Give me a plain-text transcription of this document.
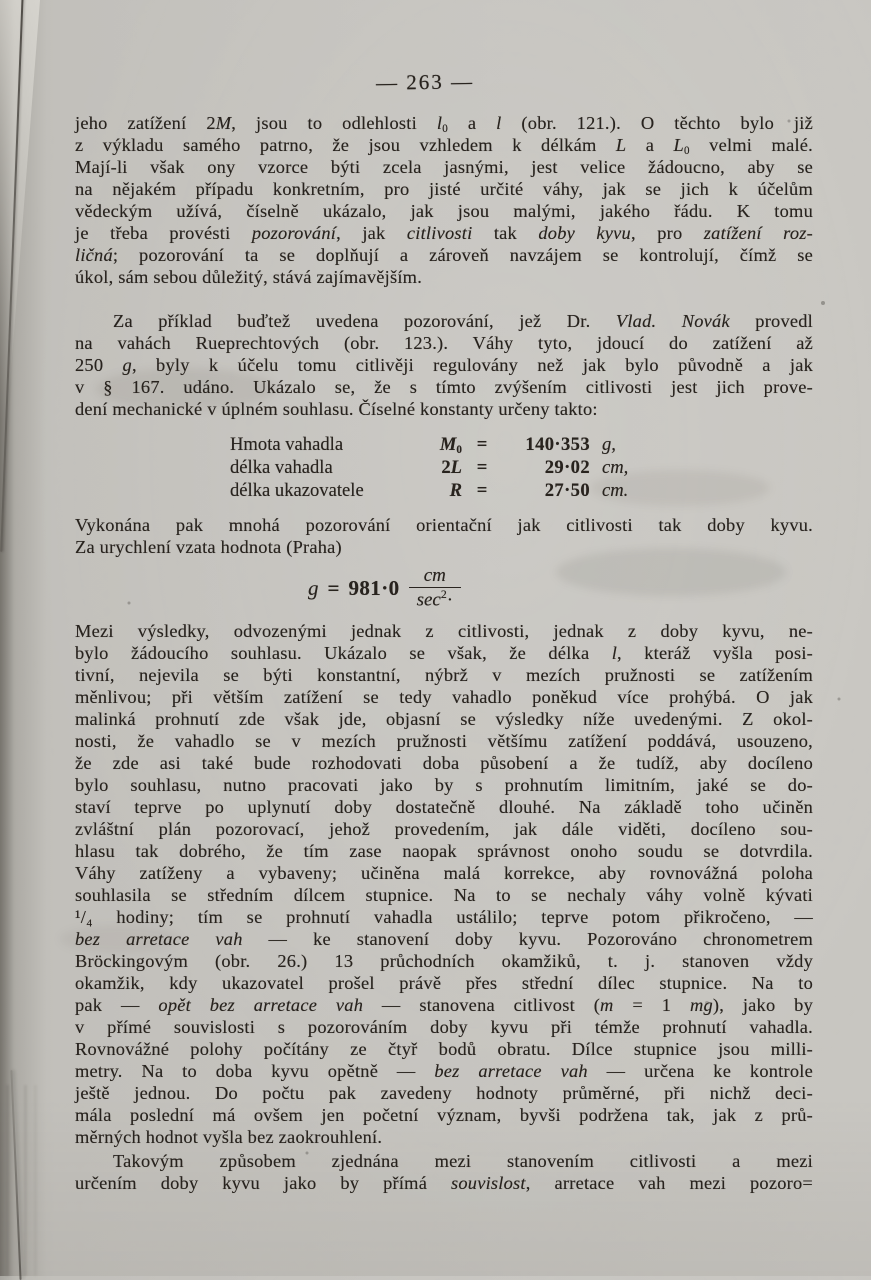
— 263 —
jeho zatížení 2M, jsou to odlehlosti $l_0$ a l (obr. 121.). O těchto bylo již
z výkladu samého patrno, že jsou vzhledem k délkám L a $L_0$ velmi malé.
Mají-li však ony vzorce býti zcela jasnými, jest velice žádoucno, aby se
na nějakém případu konkretním, pro jisté určité váhy, jak se jich k účelům
vědeckým užívá, číselně ukázalo, jak jsou malými, jakého řádu. K tomu
je třeba provésti pozorování, jak citlivosti tak doby kyvu, pro zatížení roz-
ličná; pozorování ta se doplňují a zároveň navzájem se kontrolují, čímž se
úkol, sám sebou důležitý, stává zajímavějším.
Za příklad buďtež uvedena pozorování, jež Dr. Vlad. Novák provedl
na vahách Rueprechtových (obr. 123.). Váhy tyto, jdoucí do zatížení až
250 g, byly k účelu tomu citlivěji regulovány než jak bylo původně a jak
v § 167. udáno. Ukázalo se, že s tímto zvýšením citlivosti jest jich prove-
dení mechanické v úplném souhlasu. Číselné konstanty určeny takto:
Vykonána pak mnohá pozorování orientační jak citlivosti tak doby kyvu.
Za urychlení vzata hodnota (Praha)
Mezi výsledky, odvozenými jednak z citlivosti, jednak z doby kyvu, ne-
bylo žádoucího souhlasu. Ukázalo se však, že délka l, kteráž vyšla posi-
tivní, nejevila se býti konstantní, nýbrž v mezích pružnosti se zatížením
měnlivou; při větším zatížení se tedy vahadlo poněkud více prohýbá. O jak
malinká prohnutí zde však jde, objasní se výsledky níže uvedenými. Z okol-
nosti, že vahadlo se v mezích pružnosti většímu zatížení poddává, usouzeno,
že zde asi také bude rozhodovati doba působení a že tudíž, aby docíleno
bylo souhlasu, nutno pracovati jako by s prohnutím limitním, jaké se do-
staví teprve po uplynutí doby dostatečně dlouhé. Na základě toho učiněn
zvláštní plán pozorovací, jehož provedením, jak dále viděti, docíleno sou-
hlasu tak dobrého, že tím zase naopak správnost onoho soudu se dotvrdila.
Váhy zatíženy a vybaveny; učiněna malá korrekce, aby rovnovážná poloha
souhlasila se středním dílcem stupnice. Na to se nechaly váhy volně kývati
¹/₄ hodiny; tím se prohnutí vahadla ustálilo; teprve potom přikročeno, —
bez arretace vah — ke stanovení doby kyvu. Pozorováno chronometrem
Bröckingovým (obr. 26.) 13 průchodních okamžiků, t. j. stanoven vždy
okamžik, kdy ukazovatel prošel právě přes střední dílec stupnice. Na to
pak — opět bez arretace vah — stanovena citlivost (m = 1 mg), jako by
v přímé souvislosti s pozorováním doby kyvu při témže prohnutí vahadla.
Rovnovážné polohy počítány ze čtyř bodů obratu. Dílce stupnice jsou milli-
metry. Na to doba kyvu opětně — bez arretace vah — určena ke kontrole
ještě jednou. Do počtu pak zavedeny hodnoty průměrné, při nichž deci-
mála poslední má ovšem jen početní význam, byvši podržena tak, jak z prů-
měrných hodnot vyšla bez zaokrouhlení.
Takovým způsobem zjednána mezi stanovením citlivosti a mezi
určením doby kyvu jako by přímá souvislost, arretace vah mezi pozoro=
Hmota vahadla	$M_0$ =	140·353 g,
délka vahadla	2L =	29·02 cm,
délka ukazovatele	R =	27·50 cm.
$g = 981\cdot 0 \frac{cm}{\sec^2\cdot}$
